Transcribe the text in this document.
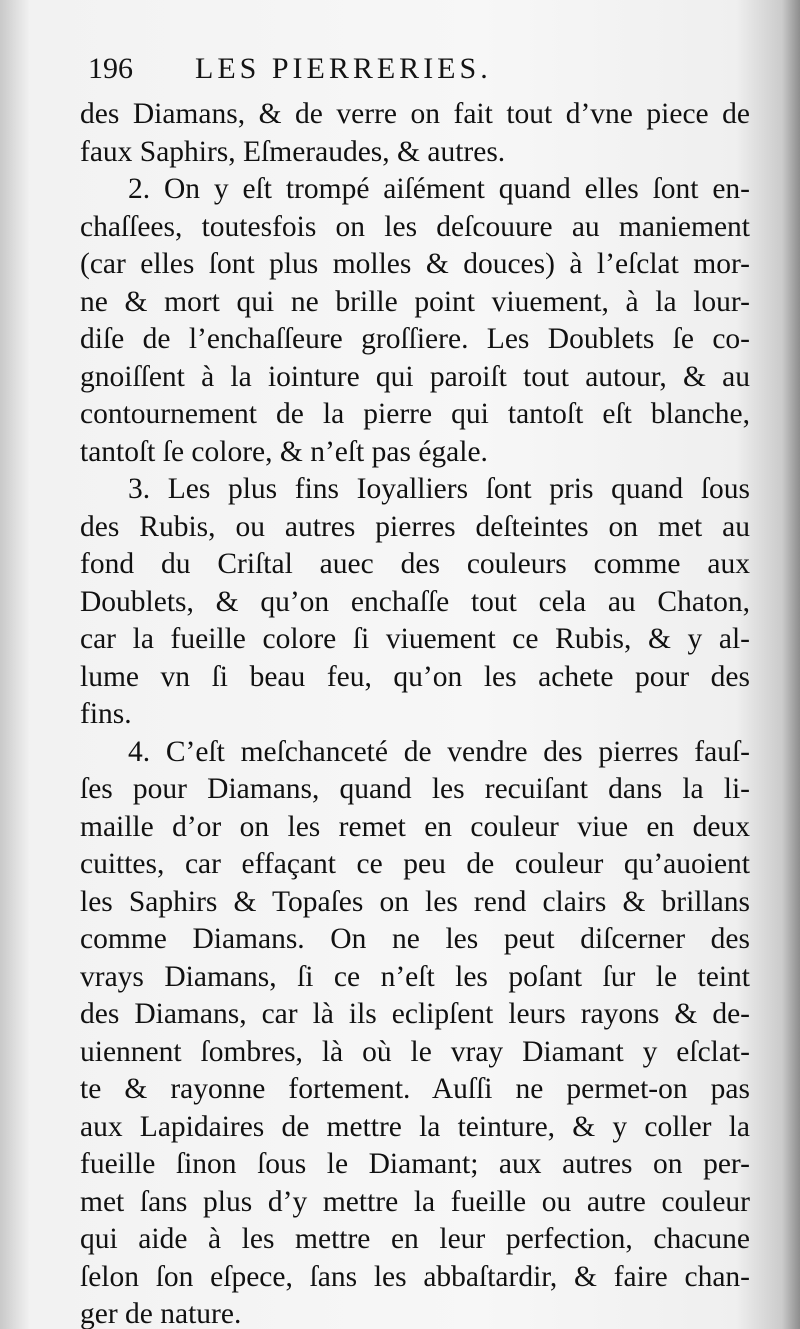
196 LES PIERRERIES.
des Diamans, & de verre on fait tout d’vne piece de
faux Saphirs, Eſmeraudes, & autres.
2. On y eſt trompé aiſément quand elles ſont en-
chaſſees, toutesfois on les deſcouure au maniement
(car elles ſont plus molles & douces) à l’eſclat mor-
ne & mort qui ne brille point viuement, à la lour-
diſe de l’enchaſſeure groſſiere. Les Doublets ſe co-
gnoiſſent à la iointure qui paroiſt tout autour, & au
contournement de la pierre qui tantoſt eſt blanche,
tantoſt ſe colore, & n’eſt pas égale.
3. Les plus fins Ioyalliers ſont pris quand ſous
des Rubis, ou autres pierres deſteintes on met au
fond du Criſtal auec des couleurs comme aux
Doublets, & qu’on enchaſſe tout cela au Chaton,
car la fueille colore ſi viuement ce Rubis, & y al-
lume vn ſi beau feu, qu’on les achete pour des
fins.
4. C’eſt meſchanceté de vendre des pierres fauſ-
ſes pour Diamans, quand les recuiſant dans la li-
maille d’or on les remet en couleur viue en deux
cuittes, car effaçant ce peu de couleur qu’auoient
les Saphirs & Topaſes on les rend clairs & brillans
comme Diamans. On ne les peut diſcerner des
vrays Diamans, ſi ce n’eſt les poſant ſur le teint
des Diamans, car là ils eclipſent leurs rayons & de-
uiennent ſombres, là où le vray Diamant y eſclat-
te & rayonne fortement. Auſſi ne permet-on pas
aux Lapidaires de mettre la teinture, & y coller la
fueille ſinon ſous le Diamant; aux autres on per-
met ſans plus d’y mettre la fueille ou autre couleur
qui aide à les mettre en leur perfection, chacune
ſelon ſon eſpece, ſans les abbaſtardir, & faire chan-
ger de nature.
